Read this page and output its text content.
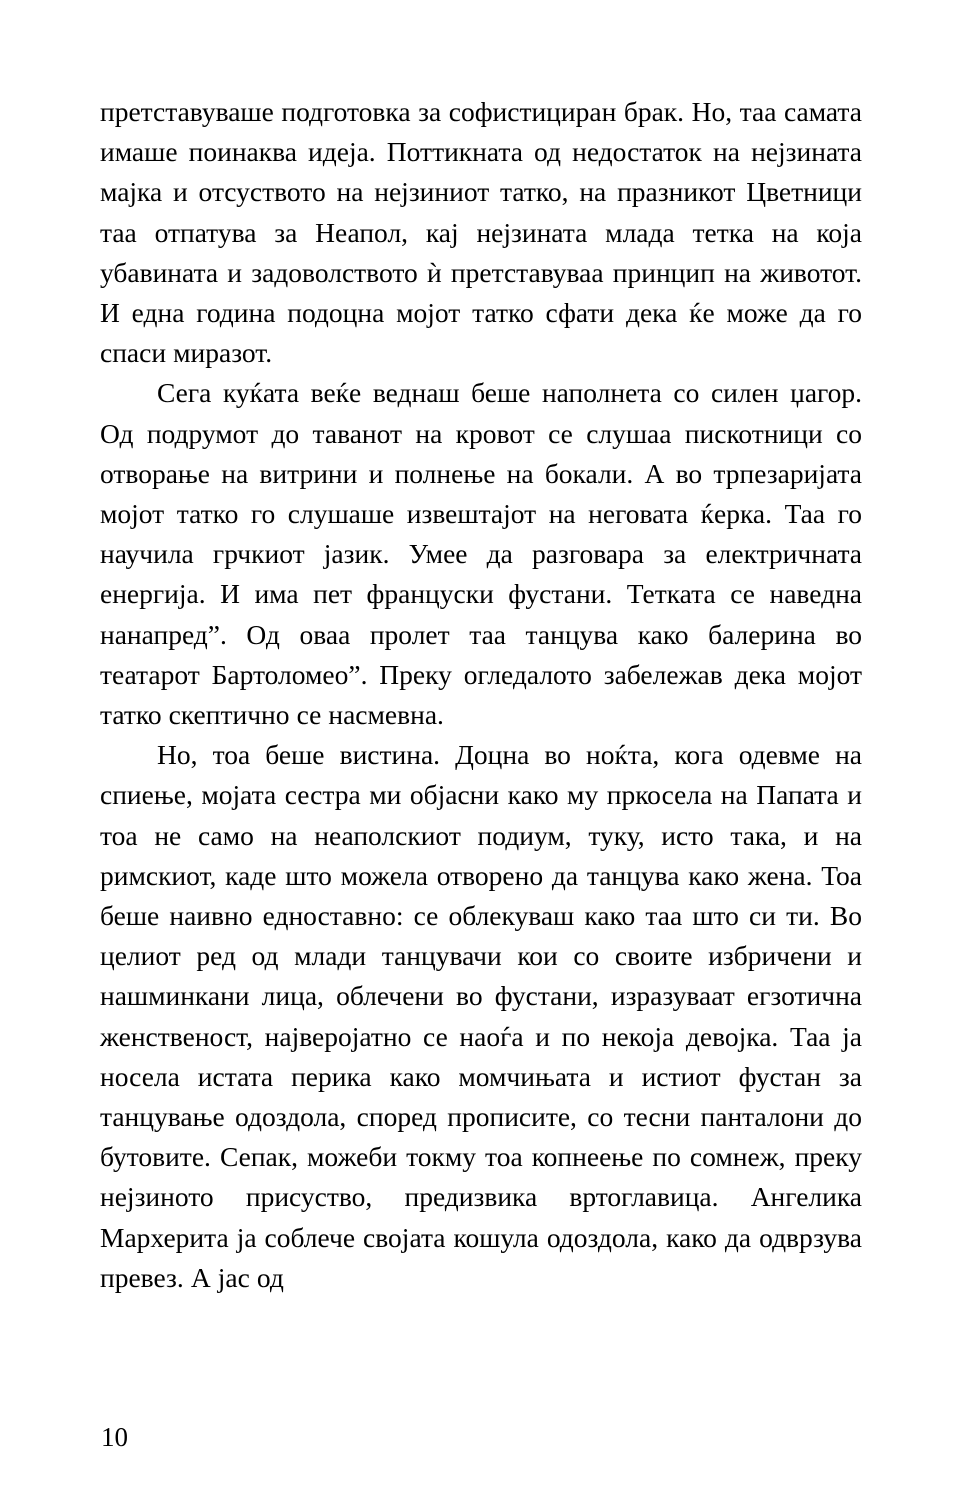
претставуваше подготовка за софистициран брак. Но, таа самата имаше поинаква идеја. Поттикната од недостаток на нејзината мајка и отсуството на нејзиниот татко, на празникот Цветници таа отпатува за Неапол, кај нејзината млада тетка на која убавината и задоволството ѝ претставуваа принцип на животот. И една година подоцна мојот татко сфати дека ќе може да го спаси миразот.

Сега куќата веќе веднаш беше наполнета со силен џагор. Од подрумот до таванот на кровот се слушаа пискотници со отворање на витрини и полнење на бокали. А во трпезаријата мојот татко го слушаше извештајот на неговата ќерка. Таа го научила грчкиот јазик. Умее да разговара за електричната енергија. И има пет француски фустани. Тетката се наведна нанапред”. Од оваа пролет таа танцува како балерина во театарот Бартоломео”. Преку огледалото забележав дека мојот татко скептично се насмевна.

Но, тоа беше вистина. Доцна во ноќта, кога одевме на спиење, мојата сестра ми објасни како му пркосела на Папата и тоа не само на неаполскиот подиум, туку, исто така, и на римскиот, каде што можела отворено да танцува како жена. Тоа беше наивно едноставно: се облекуваш како таа што си ти. Во целиот ред од млади танцувачи кои со своите избричени и нашминкани лица, облечени во фустани, изразуваат егзотична женственост, најверојатно се наоѓа и по некоја девојка. Таа ја носела истата перика како момчињата и истиот фустан за танцување одоздола, според прописите, со тесни панталони до бутовите. Сепак, можеби токму тоа копнеење по сомнеж, преку нејзиното присуство, предизвика вртоглавица. Ангелика Мархерита ја соблече својата кошула одоздола, како да одврзува превез. А јас од

10
